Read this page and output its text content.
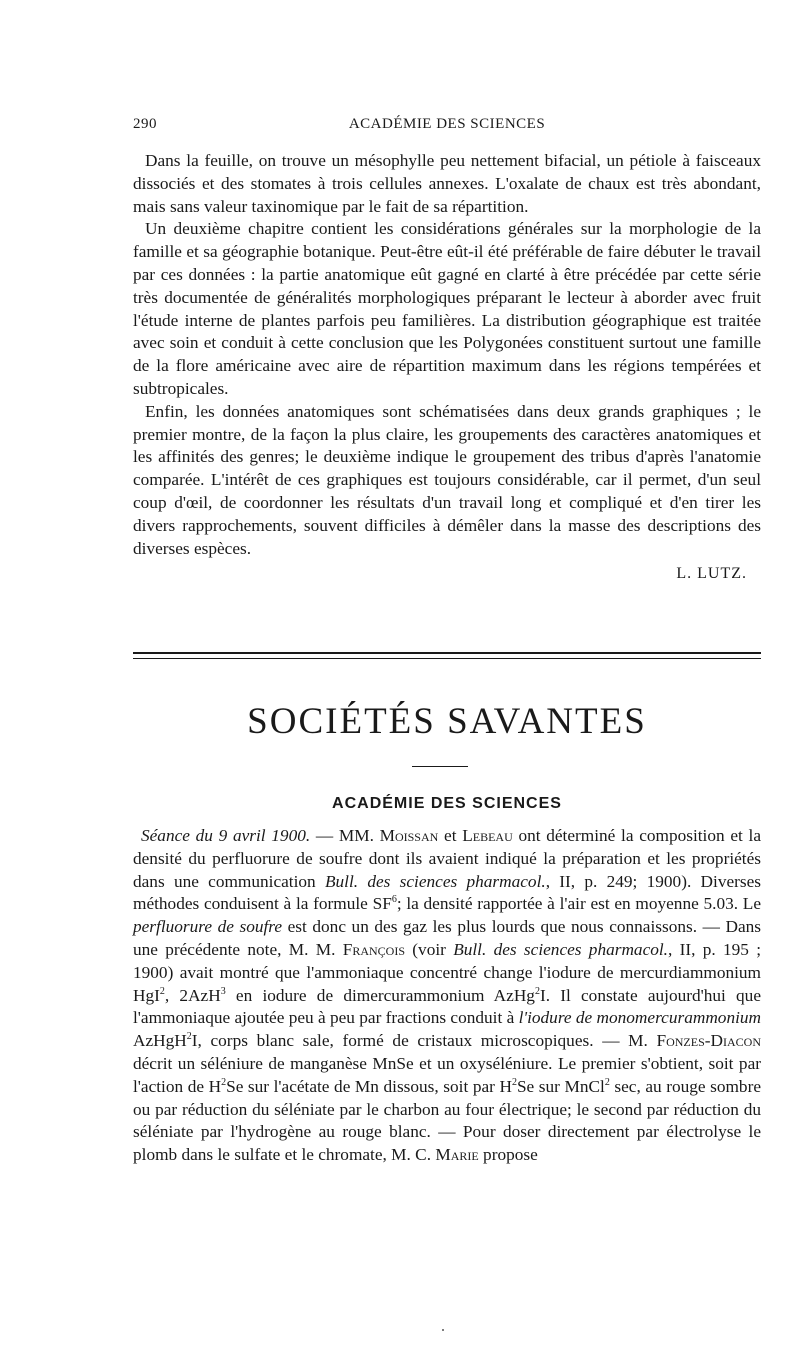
290	ACADÉMIE DES SCIENCES

Dans la feuille, on trouve un mésophylle peu nettement bifacial, un pétiole à faisceaux dissociés et des stomates à trois cellules annexes. L'oxalate de chaux est très abondant, mais sans valeur taxinomique par le fait de sa répartition.

Un deuxième chapitre contient les considérations générales sur la morphologie de la famille et sa géographie botanique. Peut-être eût-il été préférable de faire débuter le travail par ces données : la partie anatomique eût gagné en clarté à être précédée par cette série très documentée de généralités morphologiques préparant le lecteur à aborder avec fruit l'étude interne de plantes parfois peu familières. La distribution géographique est traitée avec soin et conduit à cette conclusion que les Polygonées constituent surtout une famille de la flore américaine avec aire de répartition maximum dans les régions tempérées et subtropicales.

Enfin, les données anatomiques sont schématisées dans deux grands graphiques ; le premier montre, de la façon la plus claire, les groupements des caractères anatomiques et les affinités des genres; le deuxième indique le groupement des tribus d'après l'anatomie comparée. L'intérêt de ces graphiques est toujours considérable, car il permet, d'un seul coup d'œil, de coordonner les résultats d'un travail long et compliqué et d'en tirer les divers rapprochements, souvent difficiles à démêler dans la masse des descriptions des diverses espèces.

L. LUTZ.
SOCIÉTÉS SAVANTES
ACADÉMIE DES SCIENCES

Séance du 9 avril 1900. — MM. Moissan et Lebeau ont déterminé la composition et la densité du perfluorure de soufre dont ils avaient indiqué la préparation et les propriétés dans une communication Bull. des sciences pharmacol., II, p. 249; 1900). Diverses méthodes conduisent à la formule $SF^6$; la densité rapportée à l'air est en moyenne 5.03. Le perfluorure de soufre est donc un des gaz les plus lourds que nous connaissons. — Dans une précédente note, M. M. François (voir Bull. des sciences pharmacol., II, p. 195 ; 1900) avait montré que l'ammoniaque concentré change l'iodure de mercurdiammonium HgI$^2$, 2AzH$^3$ en iodure de dimercurammonium AzHg$^2$I. Il constate aujourd'hui que l'ammoniaque ajoutée peu à peu par fractions conduit à l'iodure de monomercurammonium AzHgH$^2$I, corps blanc sale, formé de cristaux microscopiques. — M. Fonzes-Diacon décrit un séléniure de manganèse MnSe et un oxyséléniure. Le premier s'obtient, soit par l'action de $H^2Se$ sur l'acétate de Mn dissous, soit par $H^2Se$ sur MnCl$^2$ sec, au rouge sombre ou par réduction du séléniate par le charbon au four électrique; le second par réduction du séléniate par l'hydrogène au rouge blanc. — Pour doser directement par électrolyse le plomb dans le sulfate et le chromate, M. C. Marie propose
